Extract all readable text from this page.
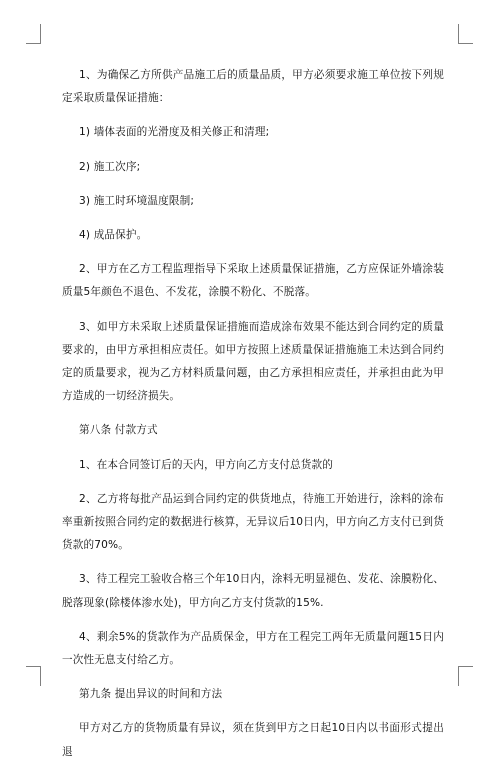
1、为确保乙方所供产品施工后的质量品质，甲方必须要求施工单位按下列规定采取质量保证措施：

1) 墙体表面的光滑度及相关修正和清理;

2) 施工次序;

3) 施工时环境温度限制;

4) 成品保护。

2、甲方在乙方工程监理指导下采取上述质量保证措施，乙方应保证外墙涂装质量5年颜色不退色、不发花，涂膜不粉化、不脱落。

3、如甲方未采取上述质量保证措施而造成涂布效果不能达到合同约定的质量要求的，由甲方承担相应责任。如甲方按照上述质量保证措施施工未达到合同约定的质量要求，视为乙方材料质量问题，由乙方承担相应责任，并承担由此为甲方造成的一切经济损失。

第八条 付款方式

1、在本合同签订后的天内，甲方向乙方支付总货款的

2、乙方将每批产品运到合同约定的供货地点，待施工开始进行，涂料的涂布率重新按照合同约定的数据进行核算，无异议后10日内，甲方向乙方支付已到货货款的70%。

3、待工程完工验收合格三个年10日内，涂料无明显褪色、发花、涂膜粉化、脱落现象(除楼体渗水处)，甲方向乙方支付货款的15%.

4、剩余5%的货款作为产品质保金，甲方在工程完工两年无质量问题15日内一次性无息支付给乙方。

第九条 提出异议的时间和方法

甲方对乙方的货物质量有异议，须在货到甲方之日起10日内以书面形式提出退
